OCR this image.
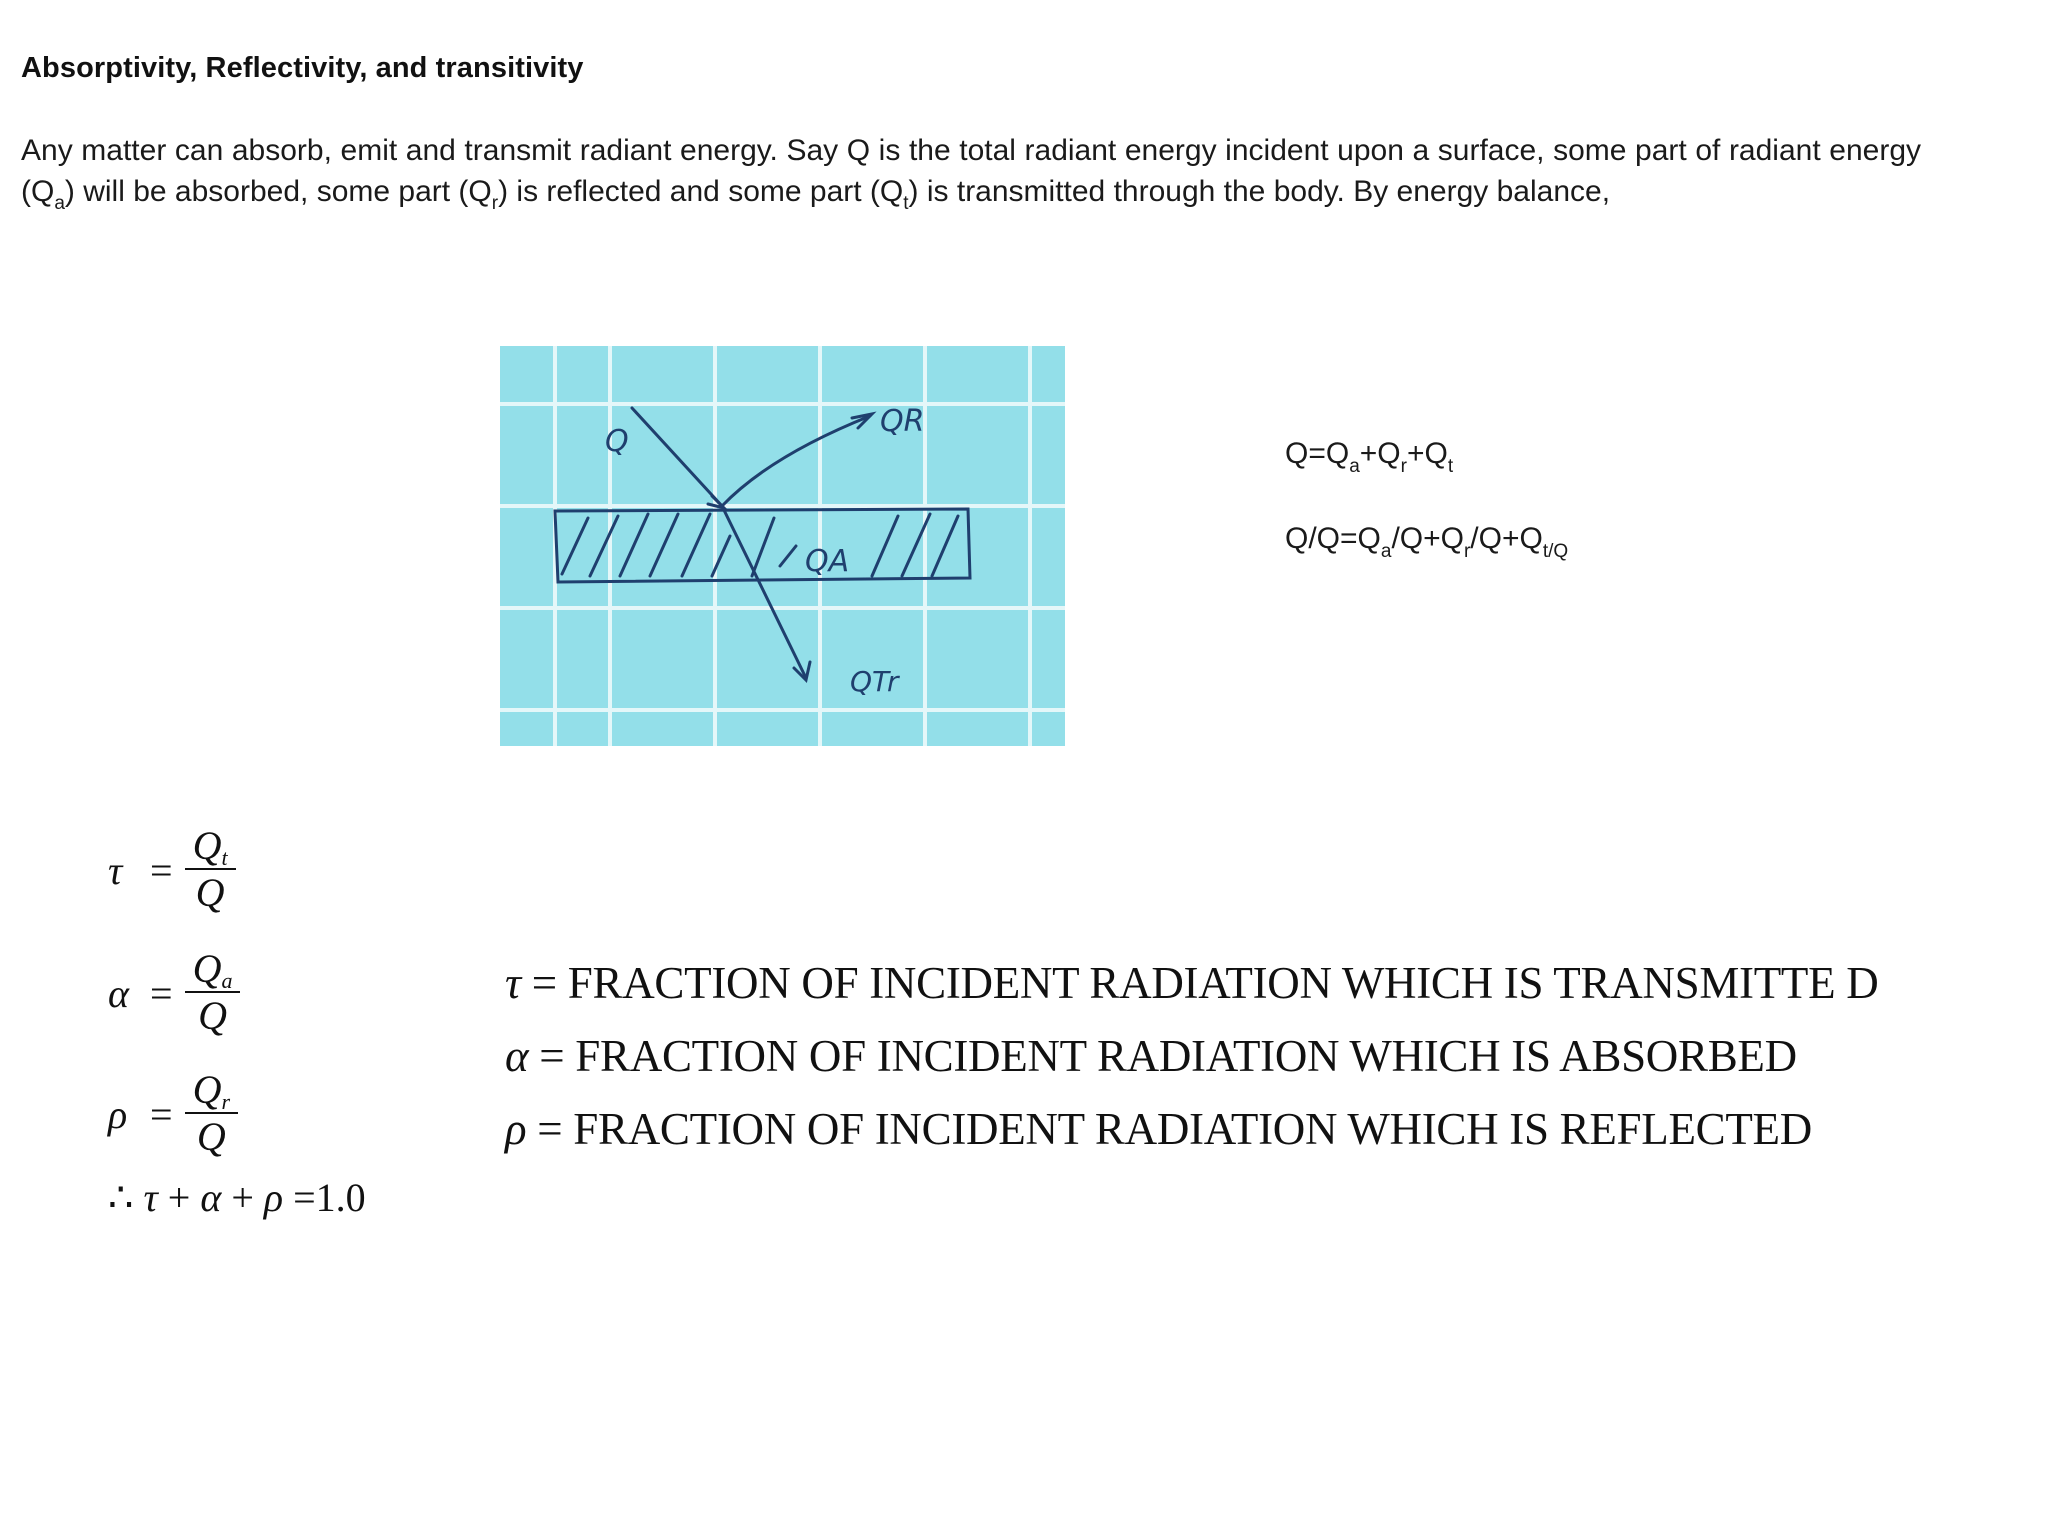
Absorptivity, Reflectivity, and transitivity
Any matter can absorb, emit and transmit radiant energy. Say Q is the total radiant energy incident upon a surface, some part of radiant energy $(Q_a)$ will be absorbed, some part $(Q_r)$ is reflected and some part $(Q_t)$ is transmitted through the body. By energy balance,
Q
QR
QA
QTr
$Q=Q_a+Q_r+Q_t$
$Q/Q=Q_a/Q+Q_r/Q+Q_{t/Q}$
$\tau = \frac{Q_t}{Q}$
$\alpha = \frac{Q_a}{Q}$
$\rho = \frac{Q_r}{Q}$
∴ τ + α + ρ =1.0
τ = FRACTION OF INCIDENT RADIATION WHICH IS TRANSMITTE D
α = FRACTION OF INCIDENT RADIATION WHICH IS ABSORBED
ρ = FRACTION OF INCIDENT RADIATION WHICH IS REFLECTED
